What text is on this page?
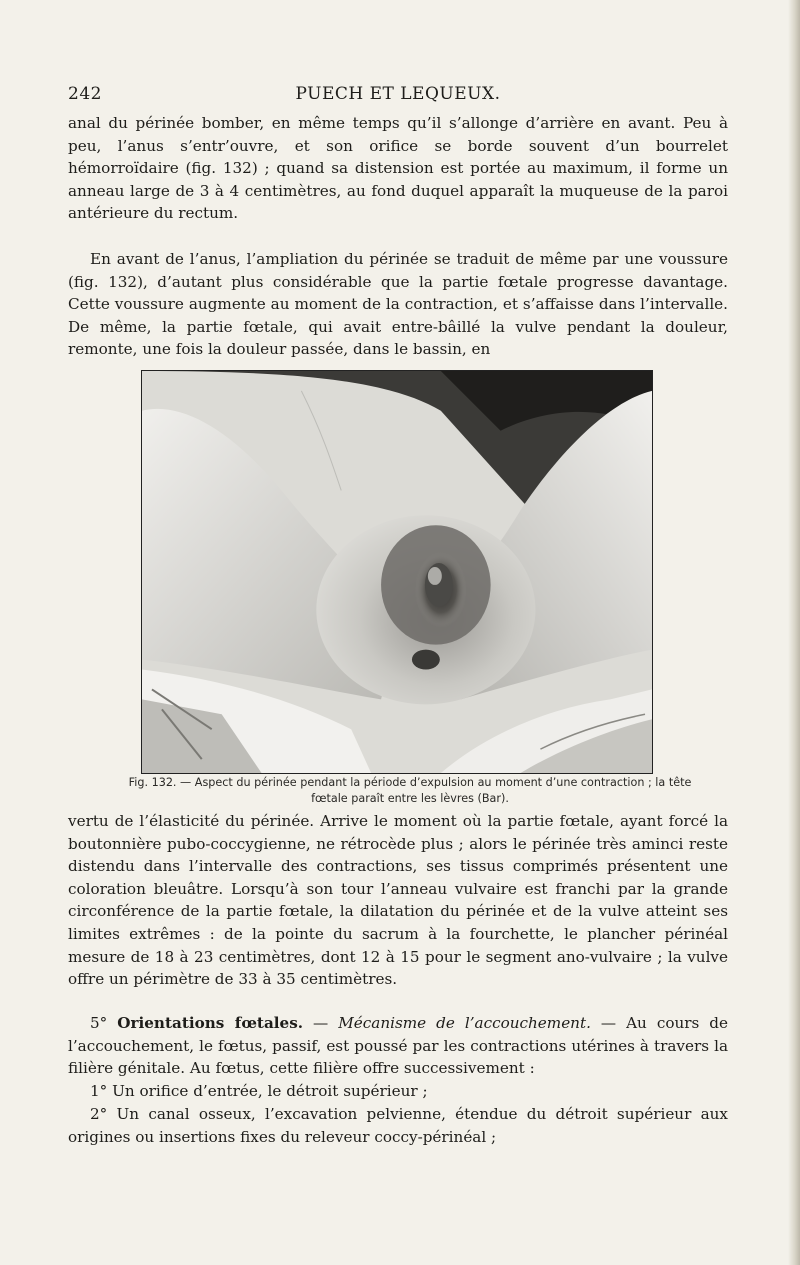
242	PUECH ET LEQUEUX.

anal du périnée bomber, en même temps qu’il s’allonge d’arrière en avant. Peu à peu, l’anus s’entr’ouvre, et son orifice se borde souvent d’un bourrelet hémorroïdaire (fig. 132) ; quand sa distension est portée au maximum, il forme un anneau large de 3 à 4 centimètres, au fond duquel apparaît la muqueuse de la paroi antérieure du rectum.

En avant de l’anus, l’ampliation du périnée se traduit de même par une voussure (fig. 132), d’autant plus considérable que la partie fœtale progresse davantage. Cette voussure augmente au moment de la contraction, et s’affaisse dans l’intervalle. De même, la partie fœtale, qui avait entre-bâillé la vulve pendant la douleur, remonte, une fois la douleur passée, dans le bassin, en

Fig. 132. — Aspect du périnée pendant la période d’expulsion au moment d’une contraction ; la tête fœtale paraît entre les lèvres (Bar).

vertu de l’élasticité du périnée. Arrive le moment où la partie fœtale, ayant forcé la boutonnière pubo-coccygienne, ne rétrocède plus ; alors le périnée très aminci reste distendu dans l’intervalle des contractions, ses tissus comprimés présentent une coloration bleuâtre. Lorsqu’à son tour l’anneau vulvaire est franchi par la grande circonférence de la partie fœtale, la dilatation du périnée et de la vulve atteint ses limites extrêmes : de la pointe du sacrum à la fourchette, le plancher périnéal mesure de 18 à 23 centimètres, dont 12 à 15 pour le segment ano-vulvaire ; la vulve offre un périmètre de 33 à 35 centimètres.

5° Orientations fœtales. — Mécanisme de l’accouchement. — Au cours de l’accouchement, le fœtus, passif, est poussé par les contractions utérines à travers la filière génitale. Au fœtus, cette filière offre successivement :

1° Un orifice d’entrée, le détroit supérieur ;

2° Un canal osseux, l’excavation pelvienne, étendue du détroit supérieur aux origines ou insertions fixes du releveur coccy-périnéal ;
